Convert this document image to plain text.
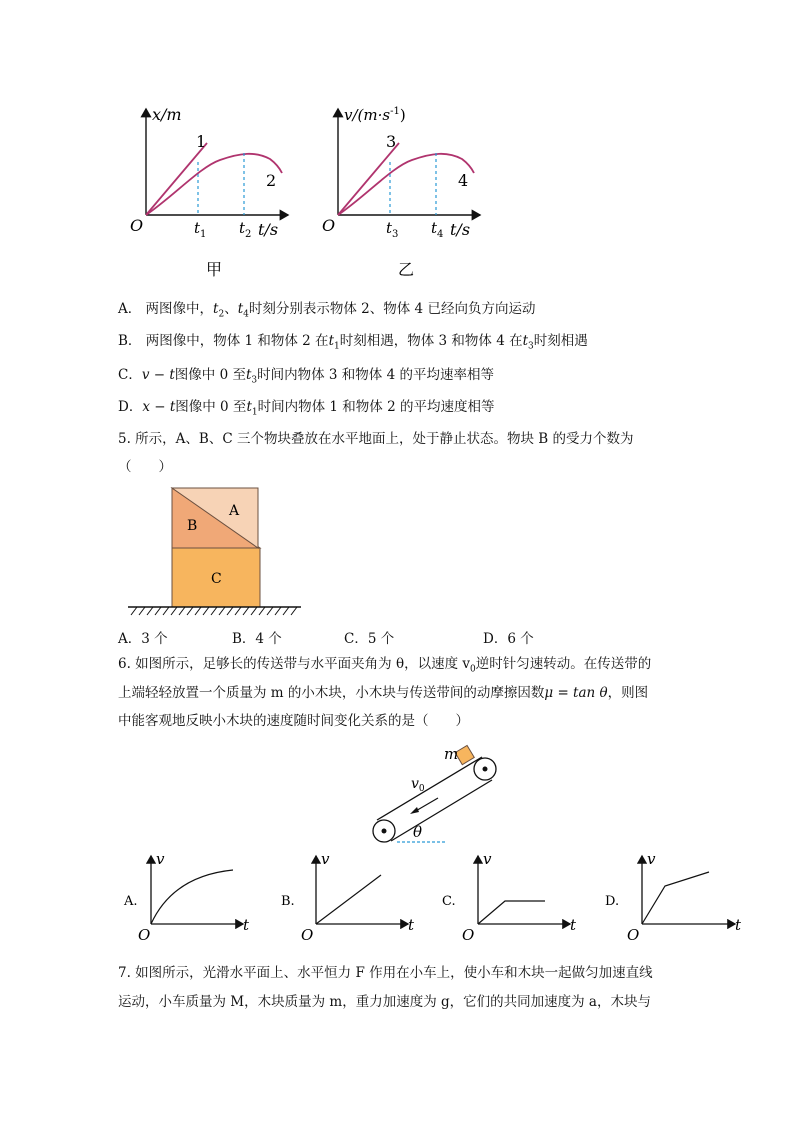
x/m
1
2
O	$t_1$ $t_2$ t/s
甲
$v/(m\cdot s^{-1})$
3
4
O	$t_3$ $t_4$ t/s
乙
A． 两图像中，$t_2$、$t_4$时刻分别表示物体 2、物体 4 已经向负方向运动
B． 两图像中，物体 1 和物体 2 在$t_1$时刻相遇，物体 3 和物体 4 在$t_3$时刻相遇
C．v − t图像中 0 至$t_3$时间内物体 3 和物体 4 的平均速率相等
D．x − t图像中 0 至$t_1$时间内物体 1 和物体 2 的平均速度相等
5. 所示，A、B、C 三个物块叠放在水平地面上，处于静止状态。物块 B 的受力个数为
（　　）
A
B
C
A．3 个	B．4 个	C．5 个	D．6 个
6. 如图所示，足够长的传送带与水平面夹角为 θ，以速度 $v_0$逆时针匀速转动。在传送带的
上端轻轻放置一个质量为 m 的小木块，小木块与传送带间的动摩擦因数μ = tan θ，则图
中能客观地反映小木块的速度随时间变化关系的是（　　）
m
$v_0$
θ
A.
v
t
O
B.
v
t
O
C.
v
t
O
D.
v
t
O
7. 如图所示，光滑水平面上、水平恒力 F 作用在小车上，使小车和木块一起做匀加速直线
运动，小车质量为 M，木块质量为 m，重力加速度为 g，它们的共同加速度为 a，木块与
